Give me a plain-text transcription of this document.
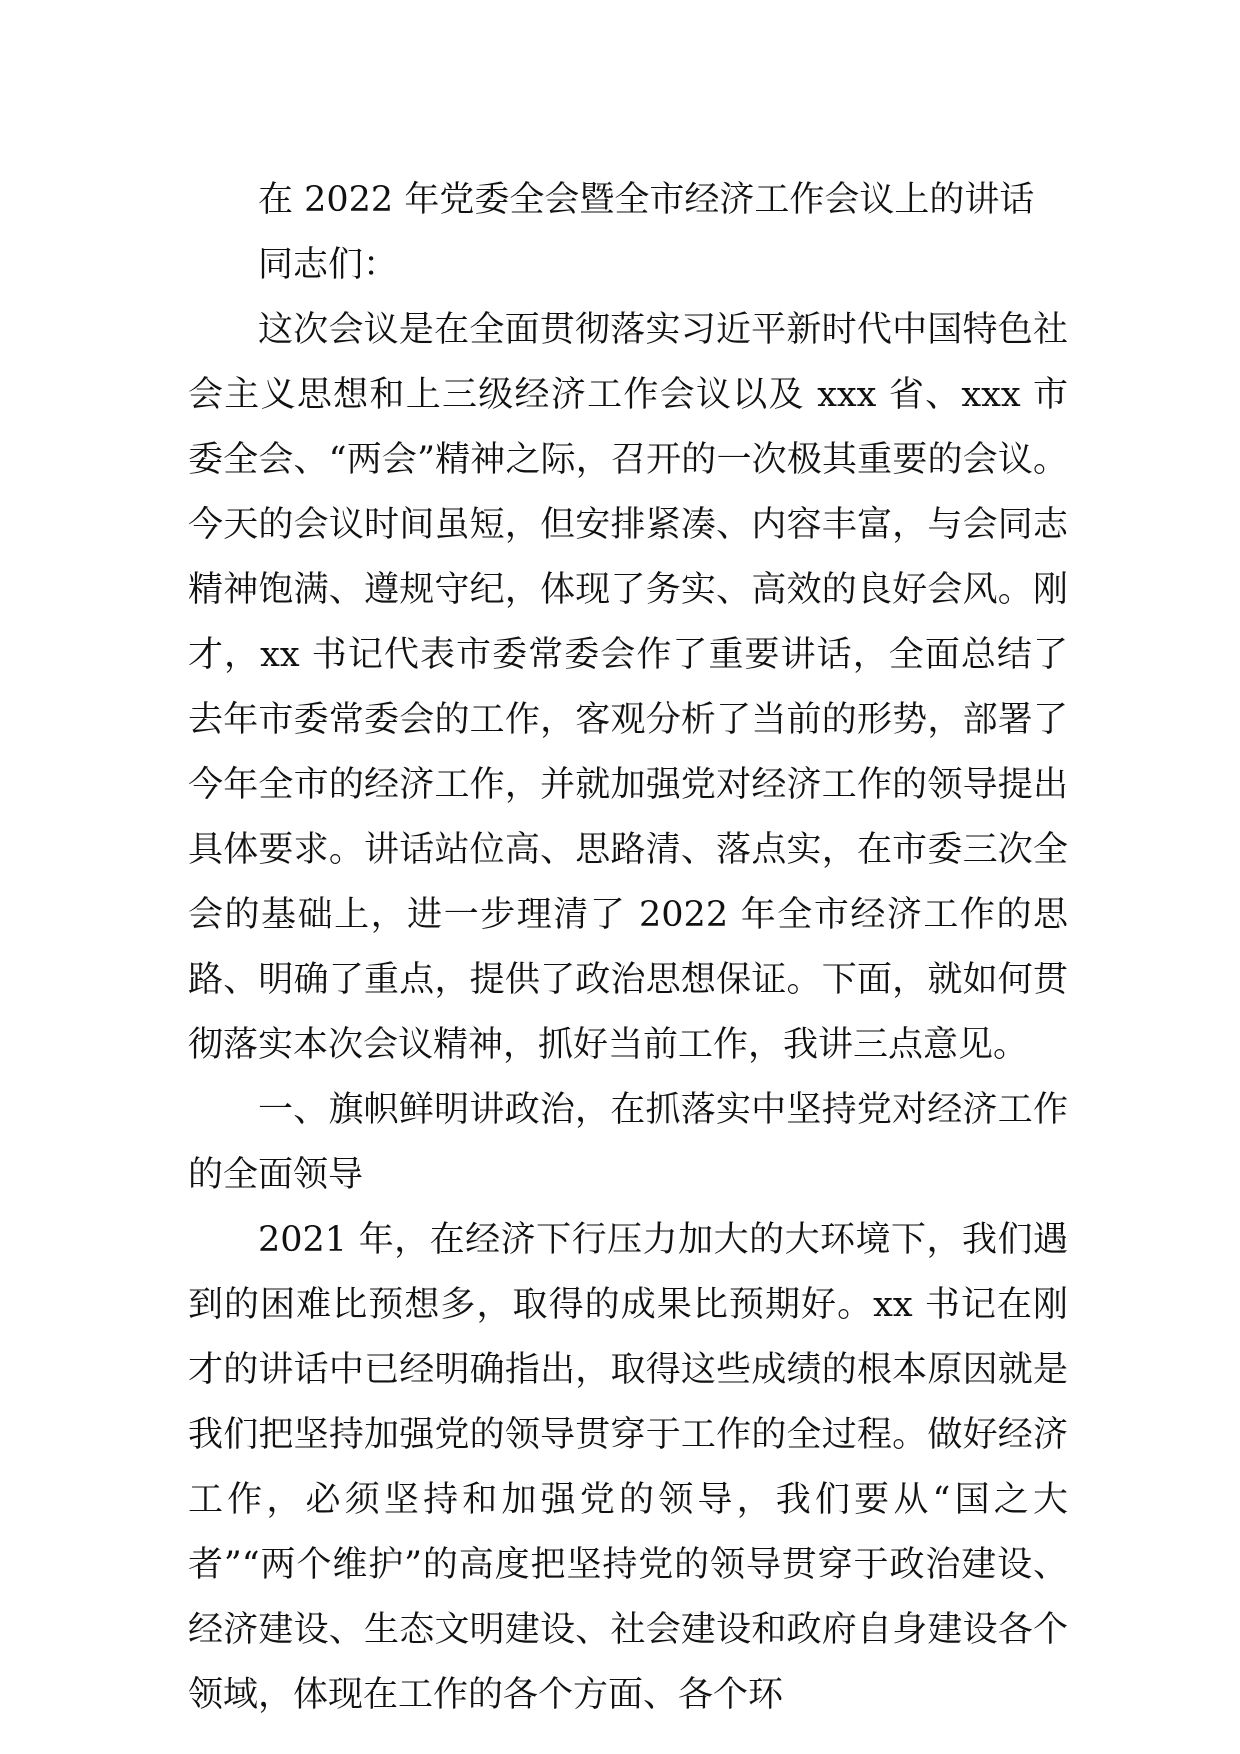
在 2022 年党委全会暨全市经济工作会议上的讲话

同志们：

这次会议是在全面贯彻落实习近平新时代中国特色社会主义思想和上三级经济工作会议以及 xxx 省、xxx 市委全会、“两会”精神之际，召开的一次极其重要的会议。今天的会议时间虽短，但安排紧凑、内容丰富，与会同志精神饱满、遵规守纪，体现了务实、高效的良好会风。刚才，xx 书记代表市委常委会作了重要讲话，全面总结了去年市委常委会的工作，客观分析了当前的形势，部署了今年全市的经济工作，并就加强党对经济工作的领导提出具体要求。讲话站位高、思路清、落点实，在市委三次全会的基础上，进一步理清了 2022 年全市经济工作的思路、明确了重点，提供了政治思想保证。下面，就如何贯彻落实本次会议精神，抓好当前工作，我讲三点意见。

一、旗帜鲜明讲政治，在抓落实中坚持党对经济工作的全面领导

2021 年，在经济下行压力加大的大环境下，我们遇到的困难比预想多，取得的成果比预期好。xx 书记在刚才的讲话中已经明确指出，取得这些成绩的根本原因就是我们把坚持加强党的领导贯穿于工作的全过程。做好经济工作，必须坚持和加强党的领导，我们要从“国之大者”“两个维护”的高度把坚持党的领导贯穿于政治建设、经济建设、生态文明建设、社会建设和政府自身建设各个领域，体现在工作的各个方面、各个环
